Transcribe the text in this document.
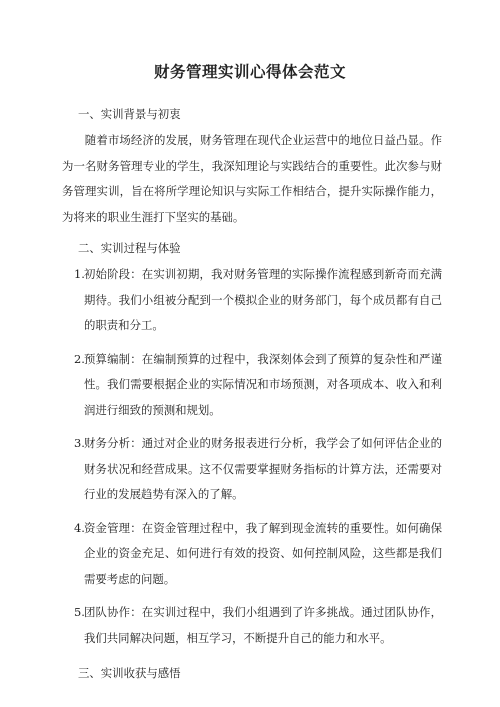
财务管理实训心得体会范文

一、实训背景与初衷

随着市场经济的发展，财务管理在现代企业运营中的地位日益凸显。作为一名财务管理专业的学生，我深知理论与实践结合的重要性。此次参与财务管理实训，旨在将所学理论知识与实际工作相结合，提升实际操作能力，为将来的职业生涯打下坚实的基础。

二、实训过程与体验

1. 初始阶段：在实训初期，我对财务管理的实际操作流程感到新奇而充满期待。我们小组被分配到一个模拟企业的财务部门，每个成员都有自己的职责和分工。
2. 预算编制：在编制预算的过程中，我深刻体会到了预算的复杂性和严谨性。我们需要根据企业的实际情况和市场预测，对各项成本、收入和利润进行细致的预测和规划。
3. 财务分析：通过对企业的财务报表进行分析，我学会了如何评估企业的财务状况和经营成果。这不仅需要掌握财务指标的计算方法，还需要对行业的发展趋势有深入的了解。
4. 资金管理：在资金管理过程中，我了解到现金流转的重要性。如何确保企业的资金充足、如何进行有效的投资、如何控制风险，这些都是我们需要考虑的问题。
5. 团队协作：在实训过程中，我们小组遇到了许多挑战。通过团队协作，我们共同解决问题，相互学习，不断提升自己的能力和水平。

三、实训收获与感悟
